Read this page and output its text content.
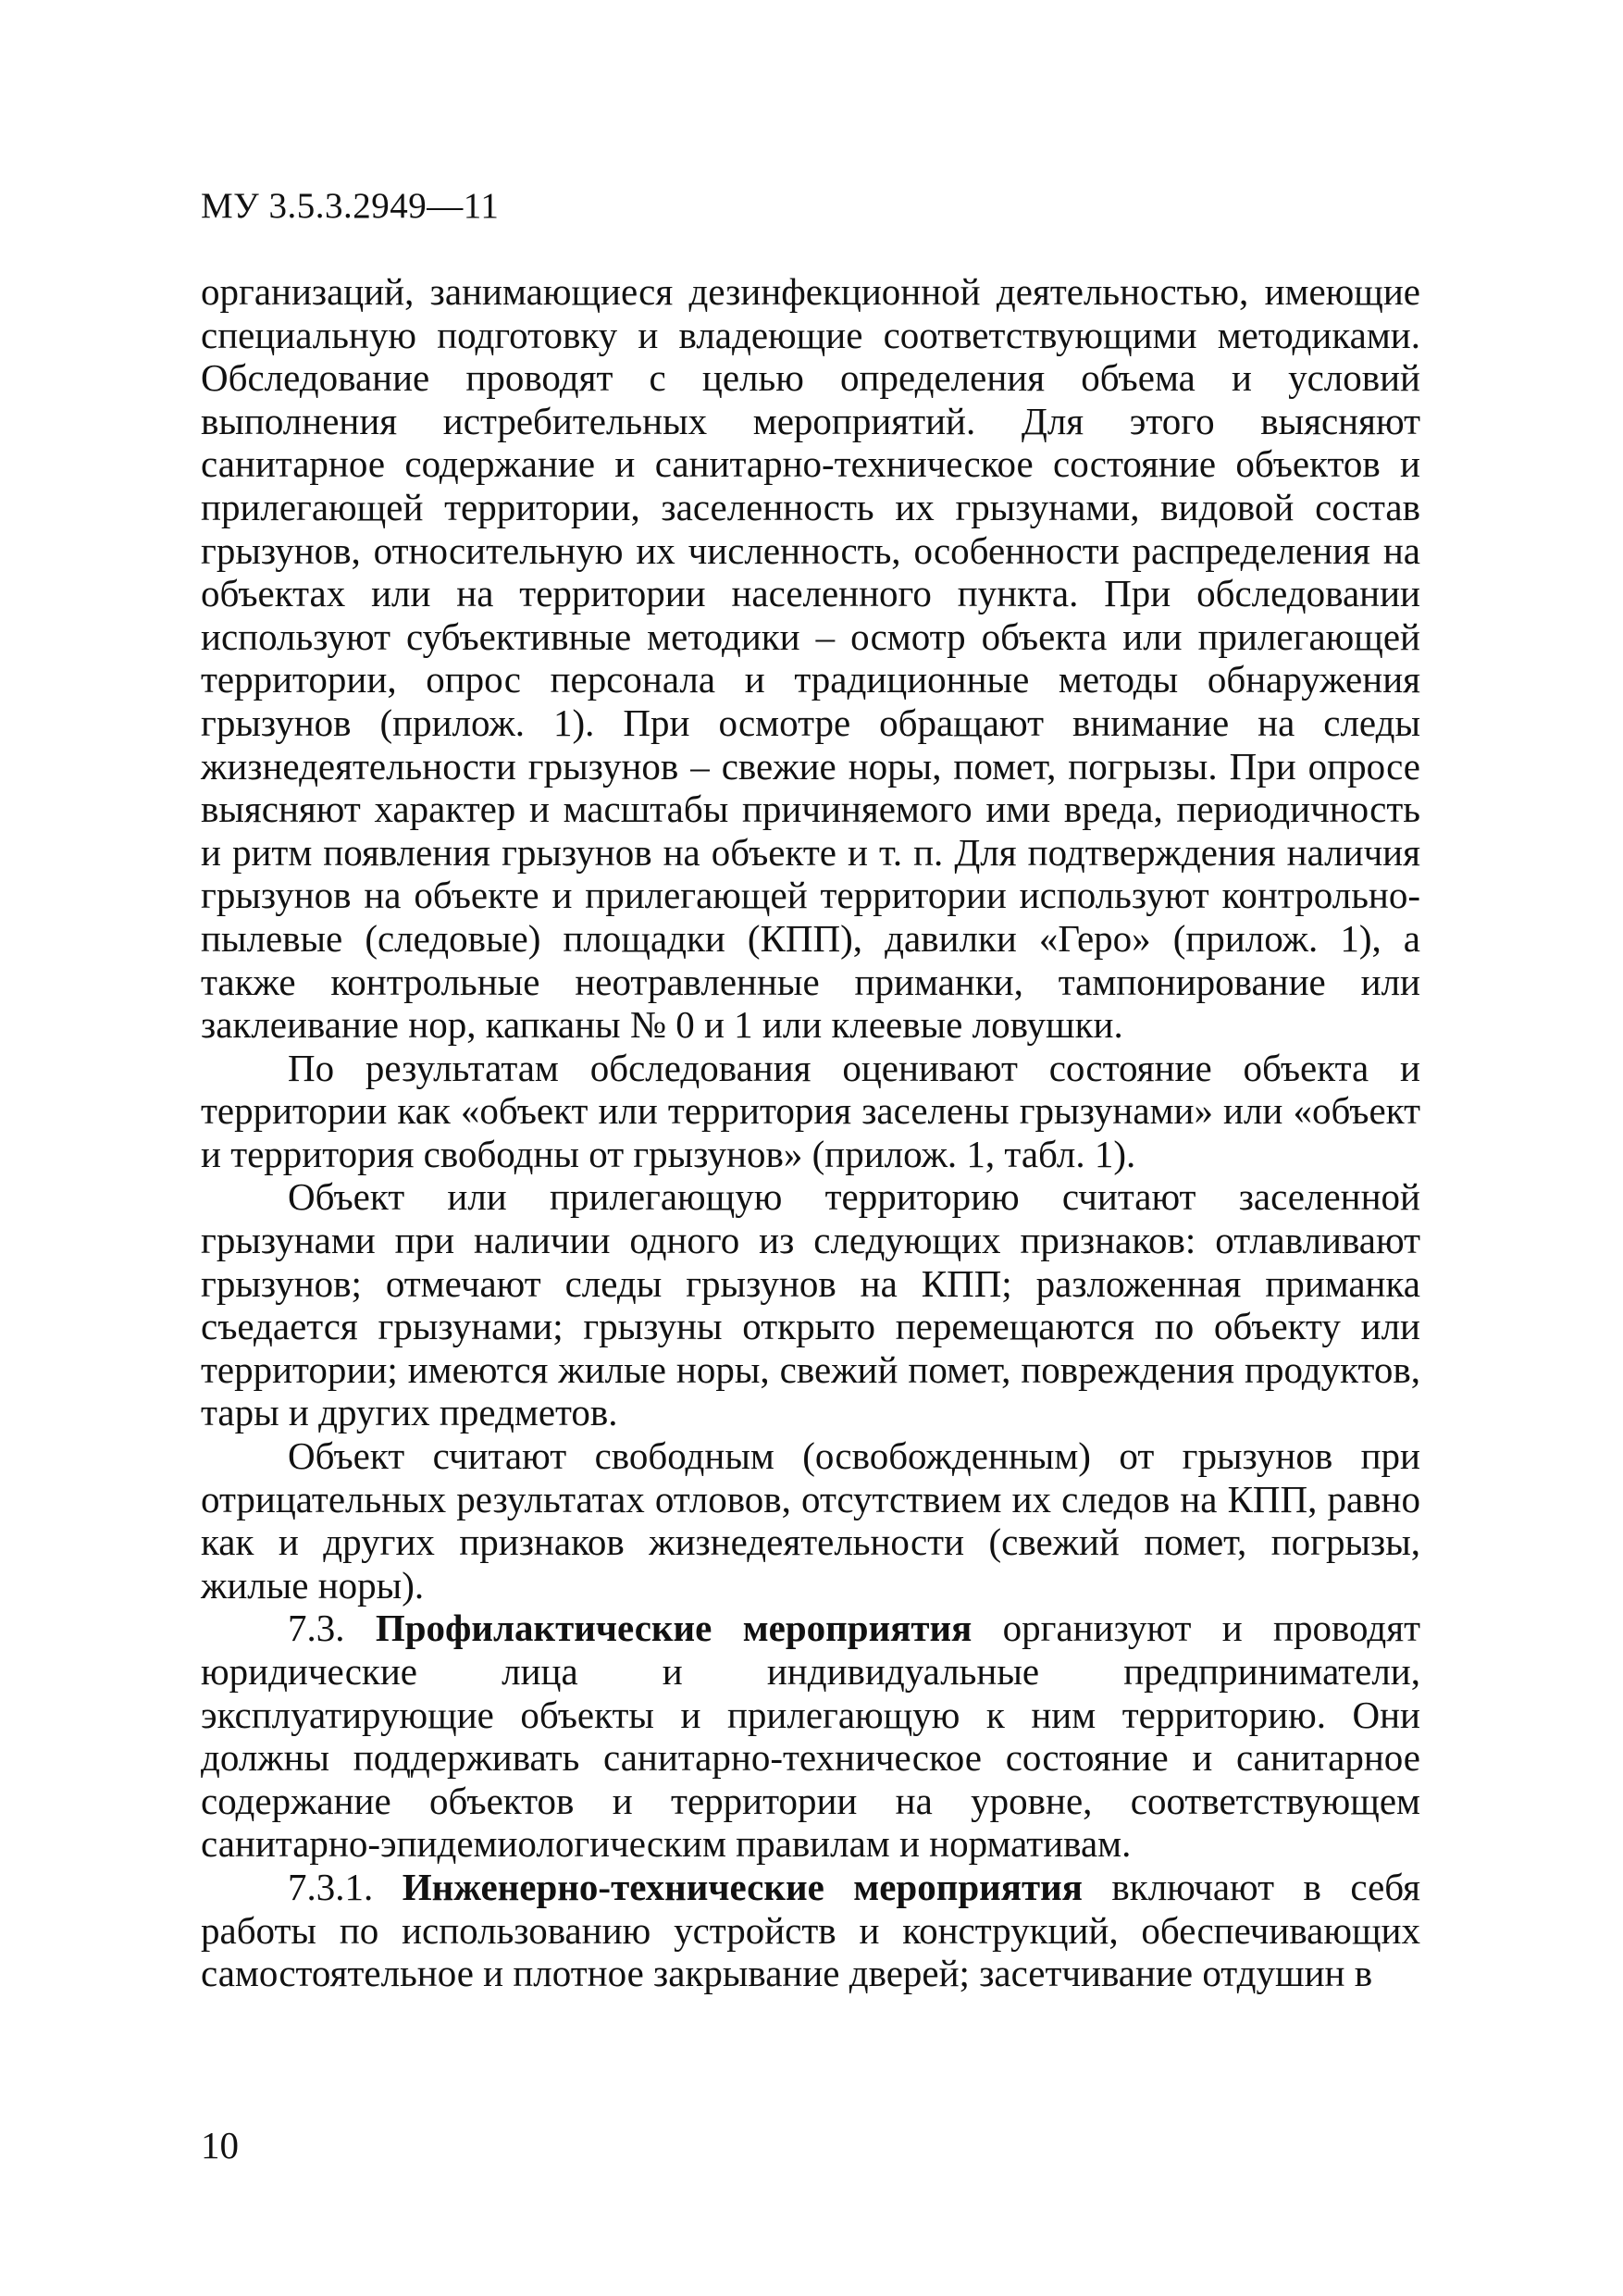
МУ 3.5.3.2949—11

организаций, занимающиеся дезинфекционной деятельностью, имеющие специальную подготовку и владеющие соответствующими методиками. Обследование проводят с целью определения объема и условий выполнения истребительных мероприятий. Для этого выясняют санитарное содержание и санитарно-техническое состояние объектов и прилегающей территории, заселенность их грызунами, видовой состав грызунов, относительную их численность, особенности распределения на объектах или на территории населенного пункта. При обследовании используют субъективные методики – осмотр объекта или прилегающей территории, опрос персонала и традиционные методы обнаружения грызунов (прилож. 1). При осмотре обращают внимание на следы жизнедеятельности грызунов – свежие норы, помет, погрызы. При опросе выясняют характер и масштабы причиняемого ими вреда, периодичность и ритм появления грызунов на объекте и т. п. Для подтверждения наличия грызунов на объекте и прилегающей территории используют контрольно-пылевые (следовые) площадки (КПП), давилки «Геро» (прилож. 1), а также контрольные неотравленные приманки, тампонирование или заклеивание нор, капканы № 0 и 1 или клеевые ловушки.

По результатам обследования оценивают состояние объекта и территории как «объект или территория заселены грызунами» или «объект и территория свободны от грызунов» (прилож. 1, табл. 1).

Объект или прилегающую территорию считают заселенной грызунами при наличии одного из следующих признаков: отлавливают грызунов; отмечают следы грызунов на КПП; разложенная приманка съедается грызунами; грызуны открыто перемещаются по объекту или территории; имеются жилые норы, свежий помет, повреждения продуктов, тары и других предметов.

Объект считают свободным (освобожденным) от грызунов при отрицательных результатах отловов, отсутствием их следов на КПП, равно как и других признаков жизнедеятельности (свежий помет, погрызы, жилые норы).

7.3. Профилактические мероприятия организуют и проводят юридические лица и индивидуальные предприниматели, эксплуатирующие объекты и прилегающую к ним территорию. Они должны поддерживать санитарно-техническое состояние и санитарное содержание объектов и территории на уровне, соответствующем санитарно-эпидемиологическим правилам и нормативам.

7.3.1. Инженерно-технические мероприятия включают в себя работы по использованию устройств и конструкций, обеспечивающих самостоятельное и плотное закрывание дверей; засетчивание отдушин в

10
